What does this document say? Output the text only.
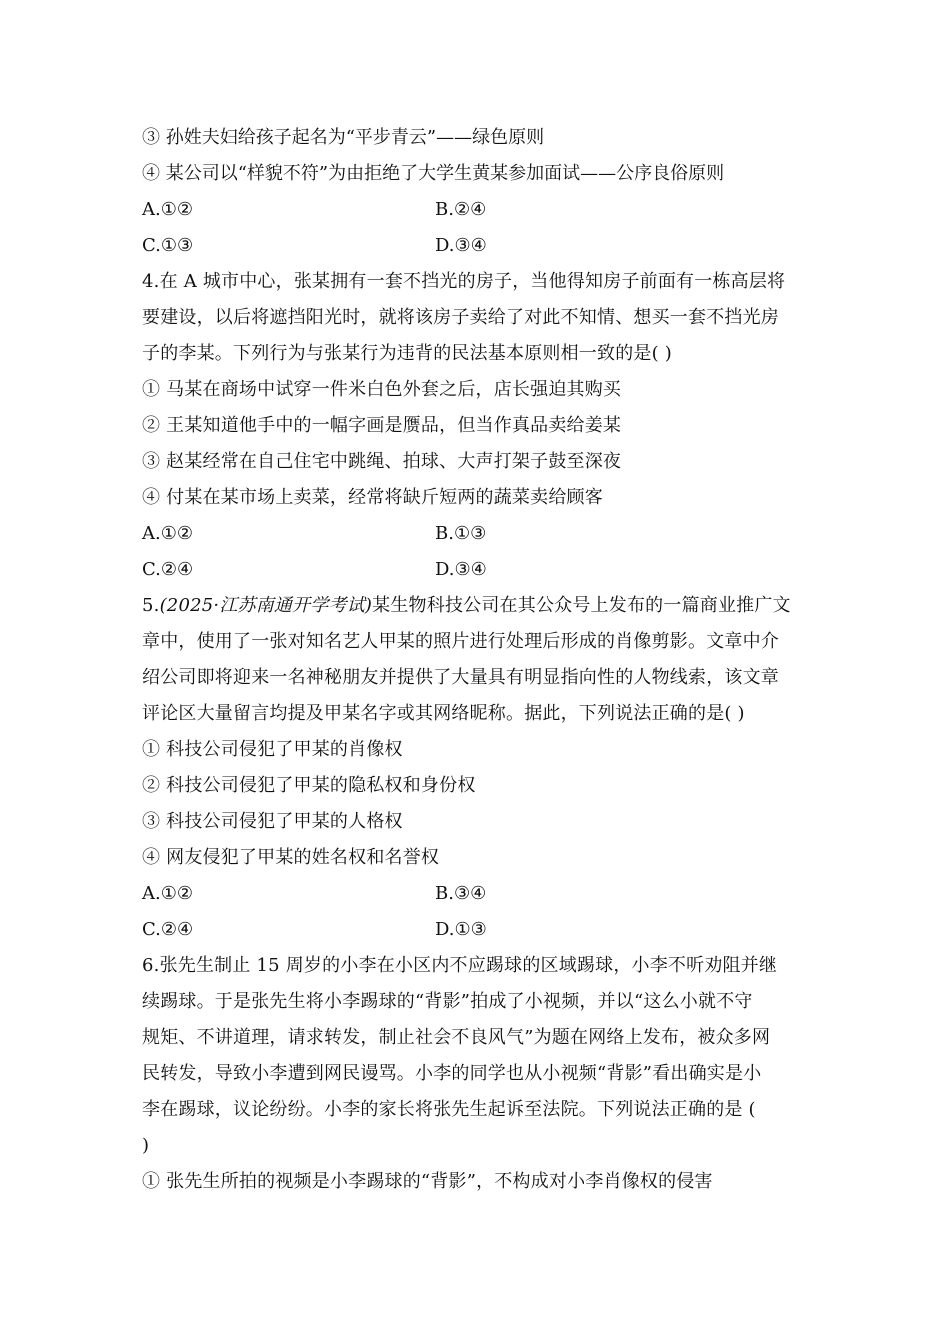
③ 孙姓夫妇给孩子起名为“平步青云”——绿色原则
④ 某公司以“样貌不符”为由拒绝了大学生黄某参加面试——公序良俗原则
A.①②	B.②④
C.①③	D.③④
4.在 A 城市中心，张某拥有一套不挡光的房子，当他得知房子前面有一栋高层将
要建设，以后将遮挡阳光时，就将该房子卖给了对此不知情、想买一套不挡光房
子的李某。下列行为与张某行为违背的民法基本原则相一致的是( )
① 马某在商场中试穿一件米白色外套之后，店长强迫其购买
② 王某知道他手中的一幅字画是赝品，但当作真品卖给姜某
③ 赵某经常在自己住宅中跳绳、拍球、大声打架子鼓至深夜
④ 付某在某市场上卖菜，经常将缺斤短两的蔬菜卖给顾客
A.①②	B.①③
C.②④	D.③④
5.(2025·江苏南通开学考试)某生物科技公司在其公众号上发布的一篇商业推广文
章中，使用了一张对知名艺人甲某的照片进行处理后形成的肖像剪影。文章中介
绍公司即将迎来一名神秘朋友并提供了大量具有明显指向性的人物线索，该文章
评论区大量留言均提及甲某名字或其网络昵称。据此，下列说法正确的是( )
① 科技公司侵犯了甲某的肖像权
② 科技公司侵犯了甲某的隐私权和身份权
③ 科技公司侵犯了甲某的人格权
④ 网友侵犯了甲某的姓名权和名誉权
A.①②	B.③④
C.②④	D.①③
6.张先生制止 15 周岁的小李在小区内不应踢球的区域踢球，小李不听劝阻并继
续踢球。于是张先生将小李踢球的“背影”拍成了小视频，并以“这么小就不守
规矩、不讲道理，请求转发，制止社会不良风气”为题在网络上发布，被众多网
民转发，导致小李遭到网民谩骂。小李的同学也从小视频“背影”看出确实是小
李在踢球，议论纷纷。小李的家长将张先生起诉至法院。下列说法正确的是 (
)
① 张先生所拍的视频是小李踢球的“背影”，不构成对小李肖像权的侵害
